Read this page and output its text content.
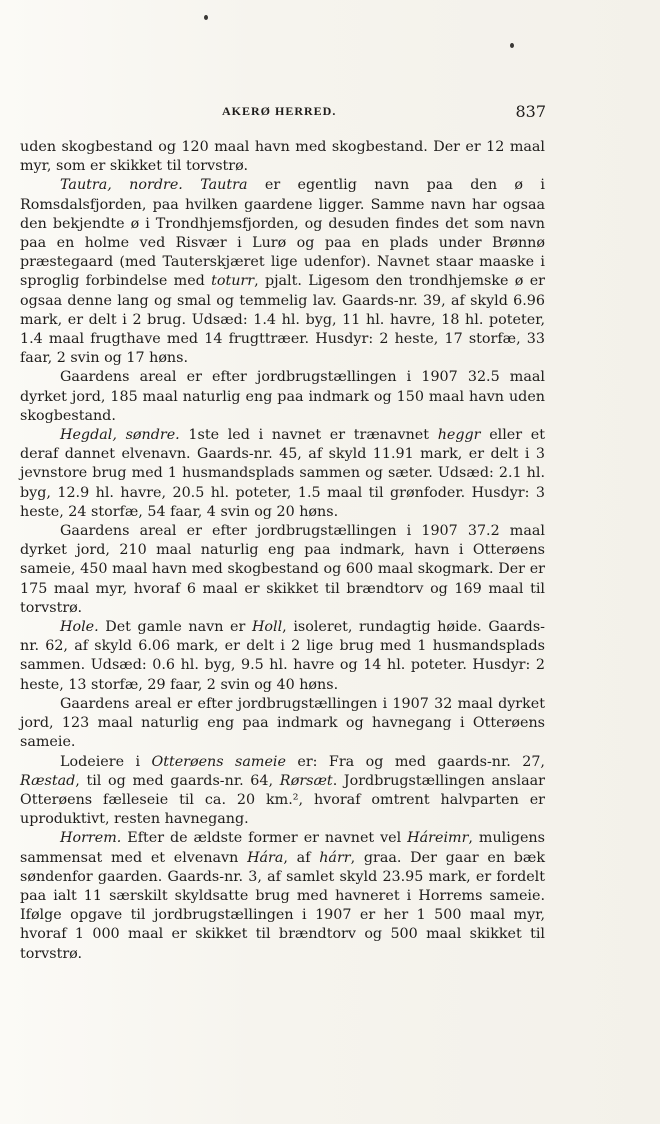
AKERØ HERRED.	837

uden skogbestand og 120 maal havn med skogbestand. Der er 12 maal myr, som er skikket til torvstrø.

Tautra, nordre. Tautra er egentlig navn paa den ø i Romsdalsfjorden, paa hvilken gaardene ligger. Samme navn har ogsaa den bekjendte ø i Trondhjemsfjorden, og desuden findes det som navn paa en holme ved Risvær i Lurø og paa en plads under Brønnø præstegaard (med Tauterskjæret lige udenfor). Navnet staar maaske i sproglig forbindelse med toturr, pjalt. Ligesom den trondhjemske ø er ogsaa denne lang og smal og temmelig lav. Gaards-nr. 39, af skyld 6.96 mark, er delt i 2 brug. Udsæd: 1.4 hl. byg, 11 hl. havre, 18 hl. poteter, 1.4 maal frugthave med 14 frugttræer. Husdyr: 2 heste, 17 storfæ, 33 faar, 2 svin og 17 høns.

Gaardens areal er efter jordbrugstællingen i 1907 32.5 maal dyrket jord, 185 maal naturlig eng paa indmark og 150 maal havn uden skogbestand.

Hegdal, søndre. 1ste led i navnet er trænavnet heggr eller et deraf dannet elvenavn. Gaards-nr. 45, af skyld 11.91 mark, er delt i 3 jevnstore brug med 1 husmandsplads sammen og sæter. Udsæd: 2.1 hl. byg, 12.9 hl. havre, 20.5 hl. poteter, 1.5 maal til grønfoder. Husdyr: 3 heste, 24 storfæ, 54 faar, 4 svin og 20 høns.

Gaardens areal er efter jordbrugstællingen i 1907 37.2 maal dyrket jord, 210 maal naturlig eng paa indmark, havn i Otterøens sameie, 450 maal havn med skogbestand og 600 maal skogmark. Der er 175 maal myr, hvoraf 6 maal er skikket til brændtorv og 169 maal til torvstrø.

Hole. Det gamle navn er Holl, isoleret, rundagtig høide. Gaards-nr. 62, af skyld 6.06 mark, er delt i 2 lige brug med 1 husmandsplads sammen. Udsæd: 0.6 hl. byg, 9.5 hl. havre og 14 hl. poteter. Husdyr: 2 heste, 13 storfæ, 29 faar, 2 svin og 40 høns.

Gaardens areal er efter jordbrugstællingen i 1907 32 maal dyrket jord, 123 maal naturlig eng paa indmark og havnegang i Otterøens sameie.

Lodeiere i Otterøens sameie er: Fra og med gaards-nr. 27, Ræstad, til og med gaards-nr. 64, Rørsæt. Jordbrugstællingen anslaar Otterøens fælleseie til ca. 20 km.², hvoraf omtrent halvparten er uproduktivt, resten havnegang.

Horrem. Efter de ældste former er navnet vel Háreimr, muligens sammensat med et elvenavn Hára, af hárr, graa. Der gaar en bæk søndenfor gaarden. Gaards-nr. 3, af samlet skyld 23.95 mark, er fordelt paa ialt 11 særskilt skyldsatte brug med havneret i Horrems sameie. Ifølge opgave til jordbrugstællingen i 1907 er her 1 500 maal myr, hvoraf 1 000 maal er skikket til brændtorv og 500 maal skikket til torvstrø.
